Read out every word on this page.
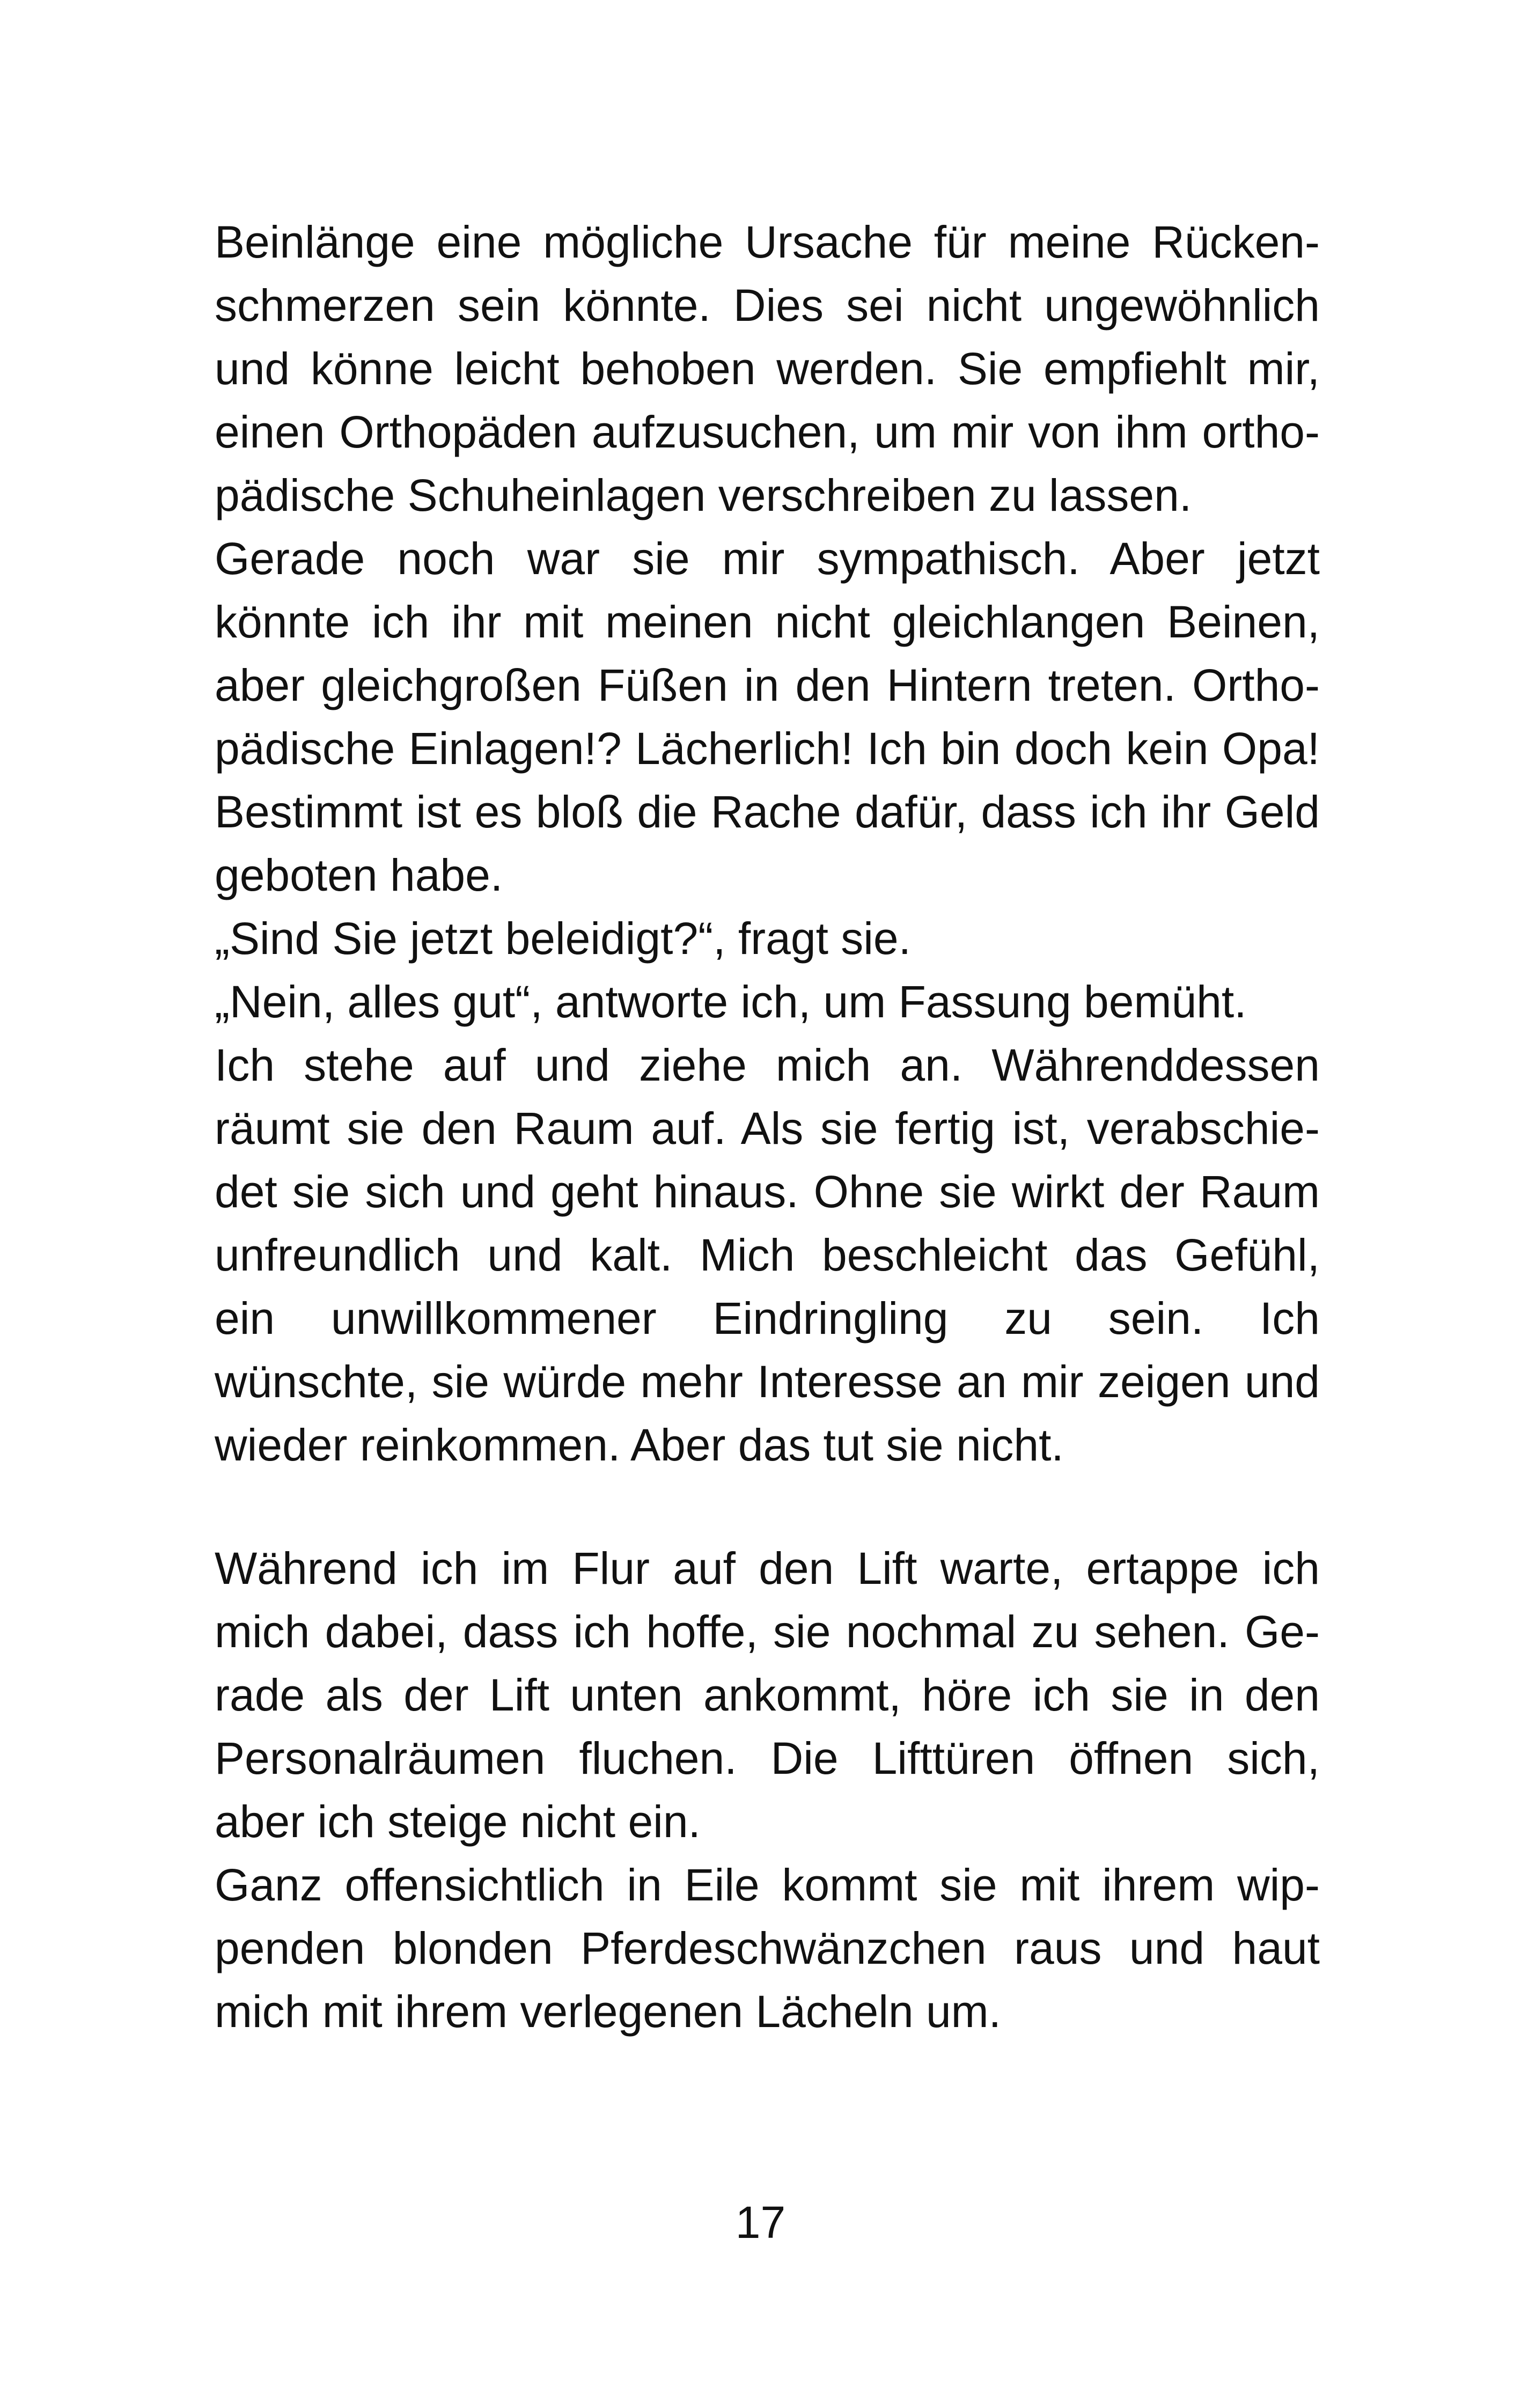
Beinlänge eine mögliche Ursache für meine Rücken-
schmerzen sein könnte. Dies sei nicht ungewöhnlich
und könne leicht behoben werden. Sie empfiehlt mir,
einen Orthopäden aufzusuchen, um mir von ihm ortho-
pädische Schuheinlagen verschreiben zu lassen.
Gerade noch war sie mir sympathisch. Aber jetzt
könnte ich ihr mit meinen nicht gleichlangen Beinen,
aber gleichgroßen Füßen in den Hintern treten. Ortho-
pädische Einlagen!? Lächerlich! Ich bin doch kein Opa!
Bestimmt ist es bloß die Rache dafür, dass ich ihr Geld
geboten habe.
„Sind Sie jetzt beleidigt?“, fragt sie.
„Nein, alles gut“, antworte ich, um Fassung bemüht.
Ich stehe auf und ziehe mich an. Währenddessen
räumt sie den Raum auf. Als sie fertig ist, verabschie-
det sie sich und geht hinaus. Ohne sie wirkt der Raum
unfreundlich und kalt. Mich beschleicht das Gefühl,
ein unwillkommener Eindringling zu sein. Ich
wünschte, sie würde mehr Interesse an mir zeigen und
wieder reinkommen. Aber das tut sie nicht.
Während ich im Flur auf den Lift warte, ertappe ich
mich dabei, dass ich hoffe, sie nochmal zu sehen. Ge-
rade als der Lift unten ankommt, höre ich sie in den
Personalräumen fluchen. Die Lifttüren öffnen sich,
aber ich steige nicht ein.
Ganz offensichtlich in Eile kommt sie mit ihrem wip-
penden blonden Pferdeschwänzchen raus und haut
mich mit ihrem verlegenen Lächeln um.
17
